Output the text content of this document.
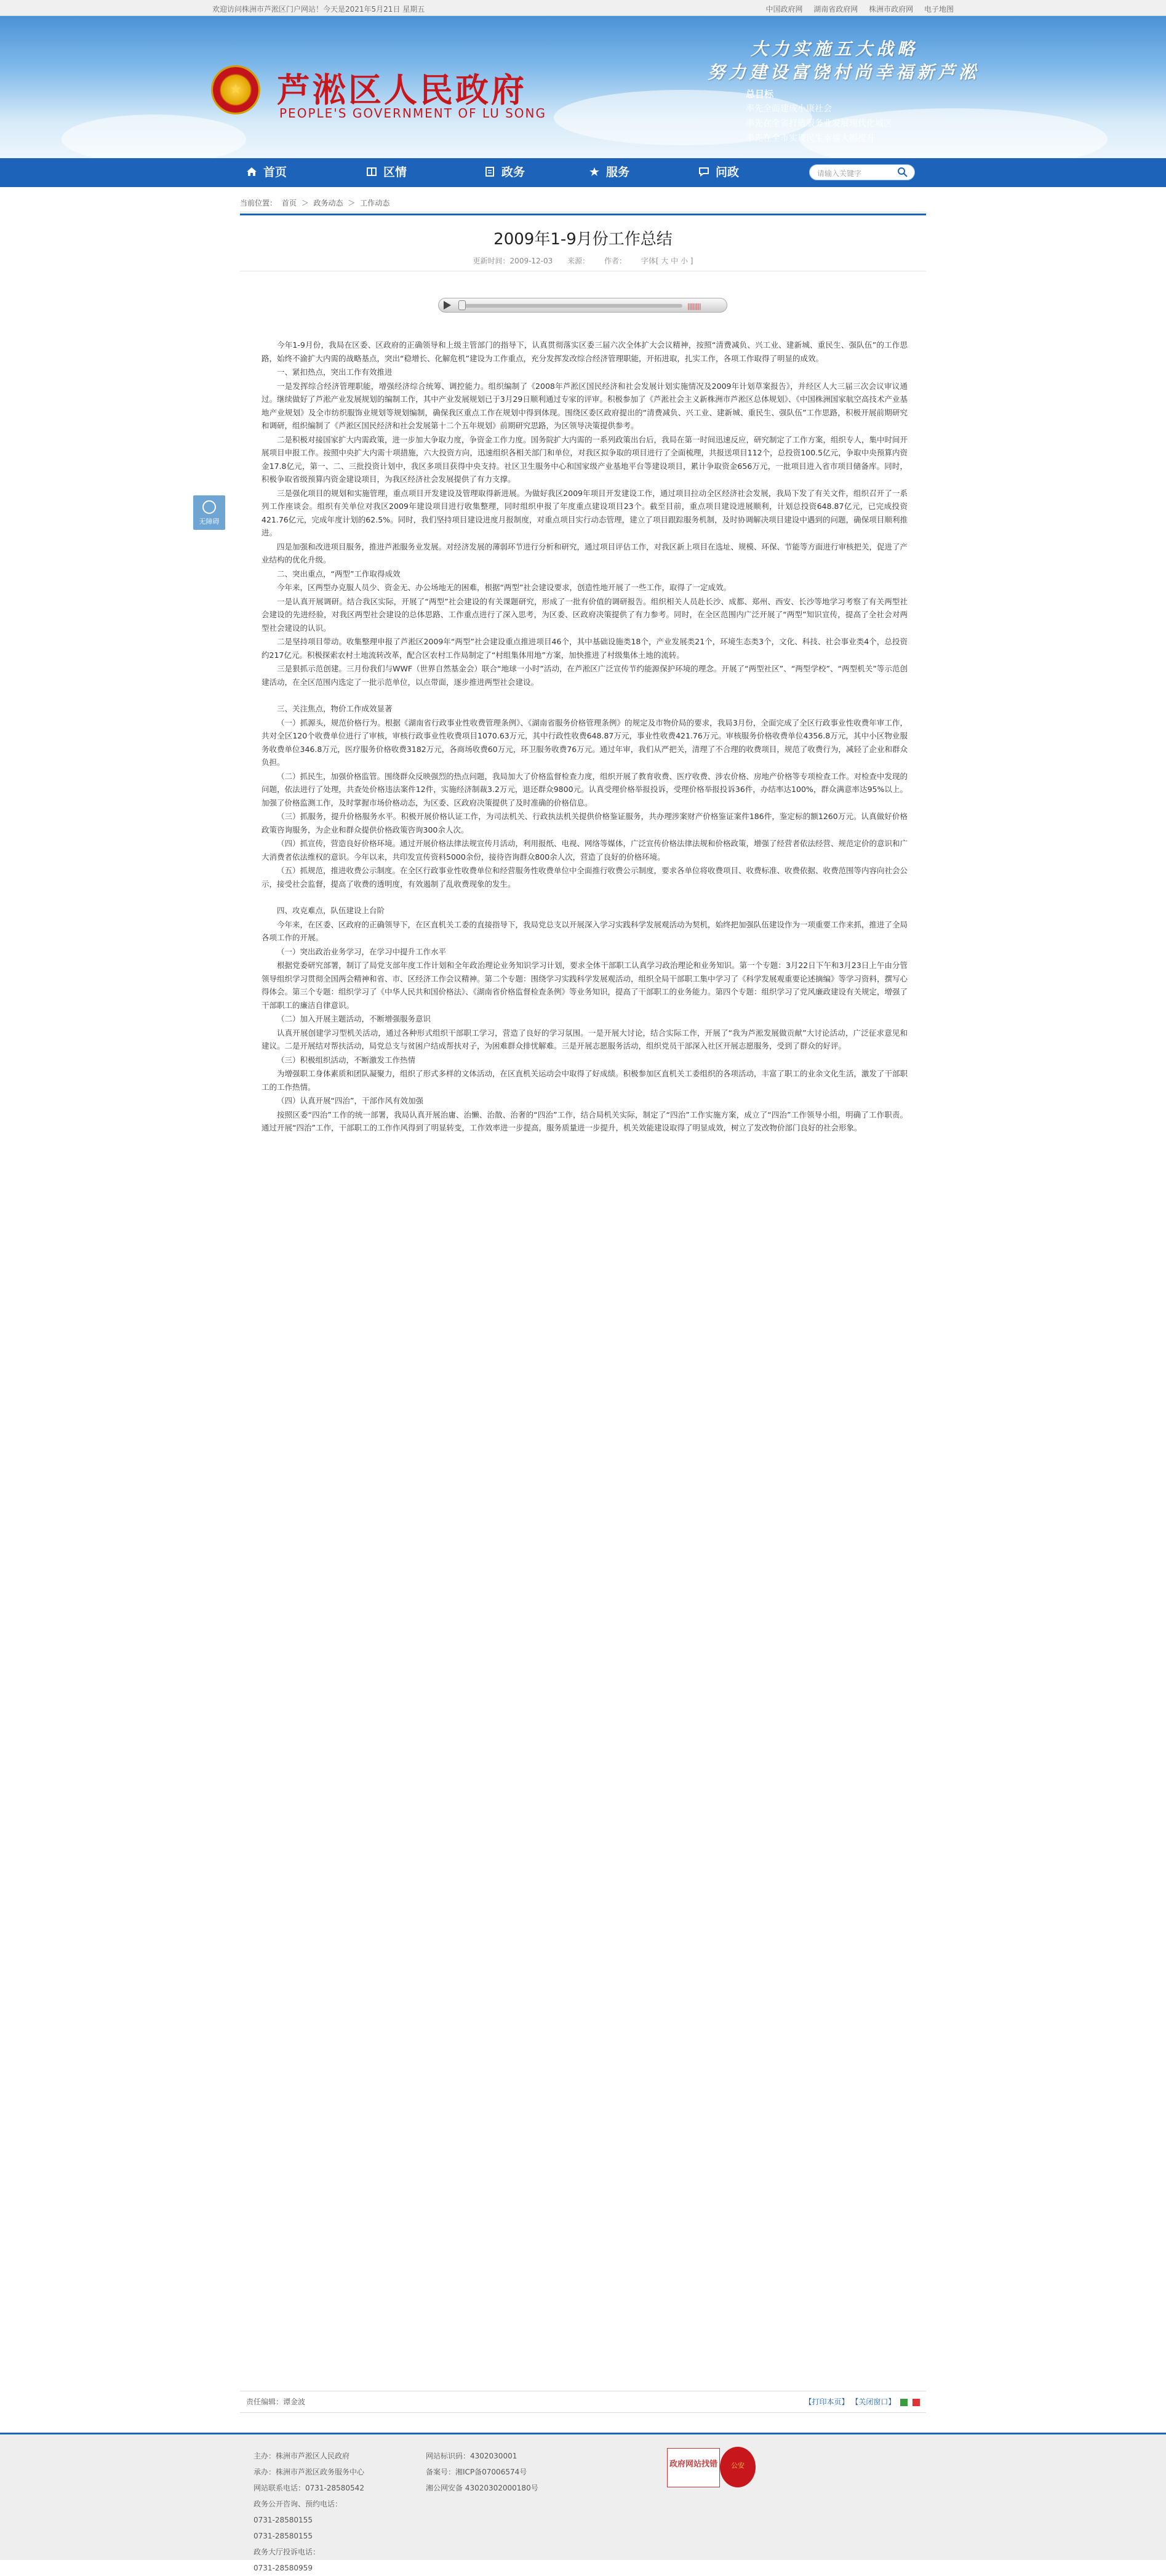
欢迎访问株洲市芦淞区门户网站！今天是2021年5月21日 星期五	中国政府网 湖南省政府网 株洲市政府网 电子地图
★	芦淞区人民政府
PEOPLE'S GOVERNMENT OF LU SONG
大力实施五大战略
努力建设富饶村尚幸福新芦淞
总目标
率先全面建成小康社会
率先在全省打造服务业发展现代化城区
率先在全市实现民生幸福大幅提升
首页	区情	政务	服务	问政	请输入关键字
当前位置： 首页 ＞ 政务动态 ＞ 工作动态
2009年1-9月份工作总结
更新时间：2009-12-03 来源： 作者： 字体[ 大 中 小 ]
||||||||
无障碍

今年1-9月份，我局在区委、区政府的正确领导和上级主管部门的指导下，认真贯彻落实区委三届六次全体扩大会议精神，按照“清费减负、兴工业、建新城、重民生、强队伍”的工作思路，始终不渝扩大内需的战略基点，突出“稳增长、化解危机”建设为工作重点，充分发挥发改综合经济管理职能，开拓进取，扎实工作，各项工作取得了明显的成效。

一、紧扣热点，突出工作有效推进

一是发挥综合经济管理职能，增强经济综合统筹、调控能力。组织编制了《2008年芦淞区国民经济和社会发展计划实施情况及2009年计划草案报告》，并经区人大三届三次会议审议通过。继续做好了芦淞产业发展规划的编制工作，其中产业发展规划已于3月29日顺利通过专家的评审。积极参加了《芦淞社会主义新株洲市芦淞区总体规划》、《中国株洲国家航空高技术产业基地产业规划》及全市纺织服饰业规划等规划编制，确保我区重点工作在规划中得到体现。围绕区委区政府提出的“清费减负、兴工业、建新城、重民生、强队伍”工作思路，积极开展前期研究和调研，组织编制了《芦淞区国民经济和社会发展第十二个五年规划》前期研究思路，为区领导决策提供参考。

二是积极对接国家扩大内需政策，进一步加大争取力度，争资金工作力度。国务院扩大内需的一系列政策出台后，我局在第一时间迅速反应，研究制定了工作方案，组织专人，集中时间开展项目申报工作。按照中央扩大内需十项措施，六大投资方向，迅速组织各相关部门和单位，对我区拟争取的项目进行了全面梳理，共报送项目112个，总投资100.5亿元，争取中央预算内资金17.8亿元，第一、二、三批投资计划中，我区多项目获得中央支持。社区卫生服务中心和国家级产业基地平台等建设项目，累计争取资金656万元，一批项目进入省市项目储备库。同时，积极争取省级预算内资金建设项目，为我区经济社会发展提供了有力支撑。

三是强化项目的规划和实施管理，重点项目开发建设及管理取得新进展。为做好我区2009年项目开发建设工作，通过项目拉动全区经济社会发展，我局下发了有关文件，组织召开了一系列工作座谈会。组织有关单位对我区2009年建设项目进行收集整理，同时组织申报了年度重点建设项目23个。截至目前，重点项目建设进展顺利，计划总投资648.87亿元，已完成投资421.76亿元，完成年度计划的62.5%。同时，我们坚持项目建设进度月报制度，对重点项目实行动态管理，建立了项目跟踪服务机制，及时协调解决项目建设中遇到的问题，确保项目顺利推进。

四是加强和改进项目服务，推进芦淞服务业发展。对经济发展的薄弱环节进行分析和研究，通过项目评估工作，对我区新上项目在选址、规模、环保、节能等方面进行审核把关，促进了产业结构的优化升级。

二、突出重点，“两型”工作取得成效

今年来，区两型办克服人员少、资金无、办公场地无的困难，根据“两型”社会建设要求，创造性地开展了一些工作，取得了一定成效。

一是认真开展调研。结合我区实际，开展了“两型”社会建设的有关课题研究，形成了一批有价值的调研报告。组织相关人员赴长沙、成都、郑州、西安、长沙等地学习考察了有关两型社会建设的先进经验，对我区两型社会建设的总体思路、工作重点进行了深入思考，为区委、区政府决策提供了有力参考。同时，在全区范围内广泛开展了“两型”知识宣传，提高了全社会对两型社会建设的认识。

二是坚持项目带动。收集整理申报了芦淞区2009年“两型”社会建设重点推进项目46个，其中基础设施类18个，产业发展类21个，环境生态类3个，文化、科技、社会事业类4个，总投资约217亿元。积极探索农村土地流转改革，配合区农村工作局制定了“村组集体用地”方案，加快推进了村级集体土地的流转。

三是狠抓示范创建。三月份我们与WWF（世界自然基金会）联合“地球一小时”活动，在芦淞区广泛宣传节约能源保护环境的理念。开展了“两型社区”、“两型学校”、“两型机关”等示范创建活动，在全区范围内选定了一批示范单位，以点带面，逐步推进两型社会建设。

三、关注焦点，物价工作成效显著

（一）抓源头，规范价格行为。根据《湖南省行政事业性收费管理条例》、《湖南省服务价格管理条例》的规定及市物价局的要求，我局3月份，全面完成了全区行政事业性收费年审工作，共对全区120个收费单位进行了审核，审核行政事业性收费项目1070.63万元，其中行政性收费648.87万元，事业性收费421.76万元。审核服务价格收费单位4356.8万元，其中小区物业服务收费单位346.8万元，医疗服务价格收费3182万元，各商场收费60万元，环卫服务收费76万元。通过年审，我们从严把关，清理了不合理的收费项目，规范了收费行为，减轻了企业和群众负担。

（二）抓民生，加强价格监管。围绕群众反映强烈的热点问题，我局加大了价格监督检查力度，组织开展了教育收费、医疗收费、涉农价格、房地产价格等专项检查工作。对检查中发现的问题，依法进行了处理，共查处价格违法案件12件，实施经济制裁3.2万元，退还群众9800元。认真受理价格举报投诉，受理价格举报投诉36件，办结率达100%，群众满意率达95%以上。加强了价格监测工作，及时掌握市场价格动态，为区委、区政府决策提供了及时准确的价格信息。

（三）抓服务，提升价格服务水平。积极开展价格认证工作，为司法机关、行政执法机关提供价格鉴证服务，共办理涉案财产价格鉴证案件186件，鉴定标的额1260万元。认真做好价格政策咨询服务，为企业和群众提供价格政策咨询300余人次。

（四）抓宣传，营造良好价格环境。通过开展价格法律法规宣传月活动，利用报纸、电视、网络等媒体，广泛宣传价格法律法规和价格政策，增强了经营者依法经营、规范定价的意识和广大消费者依法维权的意识。今年以来，共印发宣传资料5000余份，接待咨询群众800余人次，营造了良好的价格环境。

（五）抓规范，推进收费公示制度。在全区行政事业性收费单位和经营服务性收费单位中全面推行收费公示制度，要求各单位将收费项目、收费标准、收费依据、收费范围等内容向社会公示，接受社会监督，提高了收费的透明度，有效遏制了乱收费现象的发生。

四、攻克难点，队伍建设上台阶

今年来，在区委、区政府的正确领导下，在区直机关工委的直接指导下，我局党总支以开展深入学习实践科学发展观活动为契机，始终把加强队伍建设作为一项重要工作来抓，推进了全局各项工作的开展。

（一）突出政治业务学习，在学习中提升工作水平

根据党委研究部署，制订了局党支部年度工作计划和全年政治理论业务知识学习计划，要求全体干部职工认真学习政治理论和业务知识。第一个专题：3月22日下午和3月23日上午由分管领导组织学习贯彻全国两会精神和省、市、区经济工作会议精神。第二个专题：围绕学习实践科学发展观活动，组织全局干部职工集中学习了《科学发展观重要论述摘编》等学习资料，撰写心得体会。第三个专题：组织学习了《中华人民共和国价格法》、《湖南省价格监督检查条例》等业务知识，提高了干部职工的业务能力。第四个专题：组织学习了党风廉政建设有关规定，增强了干部职工的廉洁自律意识。

（二）加入开展主题活动，不断增强服务意识

认真开展创建学习型机关活动，通过各种形式组织干部职工学习，营造了良好的学习氛围。一是开展大讨论，结合实际工作，开展了“我为芦淞发展做贡献”大讨论活动，广泛征求意见和建议。二是开展结对帮扶活动，局党总支与贫困户结成帮扶对子，为困难群众排忧解难。三是开展志愿服务活动，组织党员干部深入社区开展志愿服务，受到了群众的好评。

（三）积极组织活动，不断激发工作热情

为增强职工身体素质和团队凝聚力，组织了形式多样的文体活动，在区直机关运动会中取得了好成绩。积极参加区直机关工委组织的各项活动，丰富了职工的业余文化生活，激发了干部职工的工作热情。

（四）认真开展“四治”，干部作风有效加强

按照区委“四治”工作的统一部署，我局认真开展治庸、治懒、治散、治奢的“四治”工作，结合局机关实际，制定了“四治”工作实施方案，成立了“四治”工作领导小组，明确了工作职责。通过开展“四治”工作，干部职工的工作作风得到了明显转变，工作效率进一步提高，服务质量进一步提升，机关效能建设取得了明显成效，树立了发改物价部门良好的社会形象。

责任编辑：谭金波	【打印本页】 【关闭窗口】
主办：株洲市芦淞区人民政府
承办：株洲市芦淞区政务服务中心
网站联系电话：0731-28580542
政务公开咨询、预约电话：
0731-28580155
0731-28580155
政务大厅投诉电话：
0731-28580959
网站标识码：4302030001
备案号：湘ICP备07006574号
湘公网安备 43020302000180号
政府网站找错	公安
